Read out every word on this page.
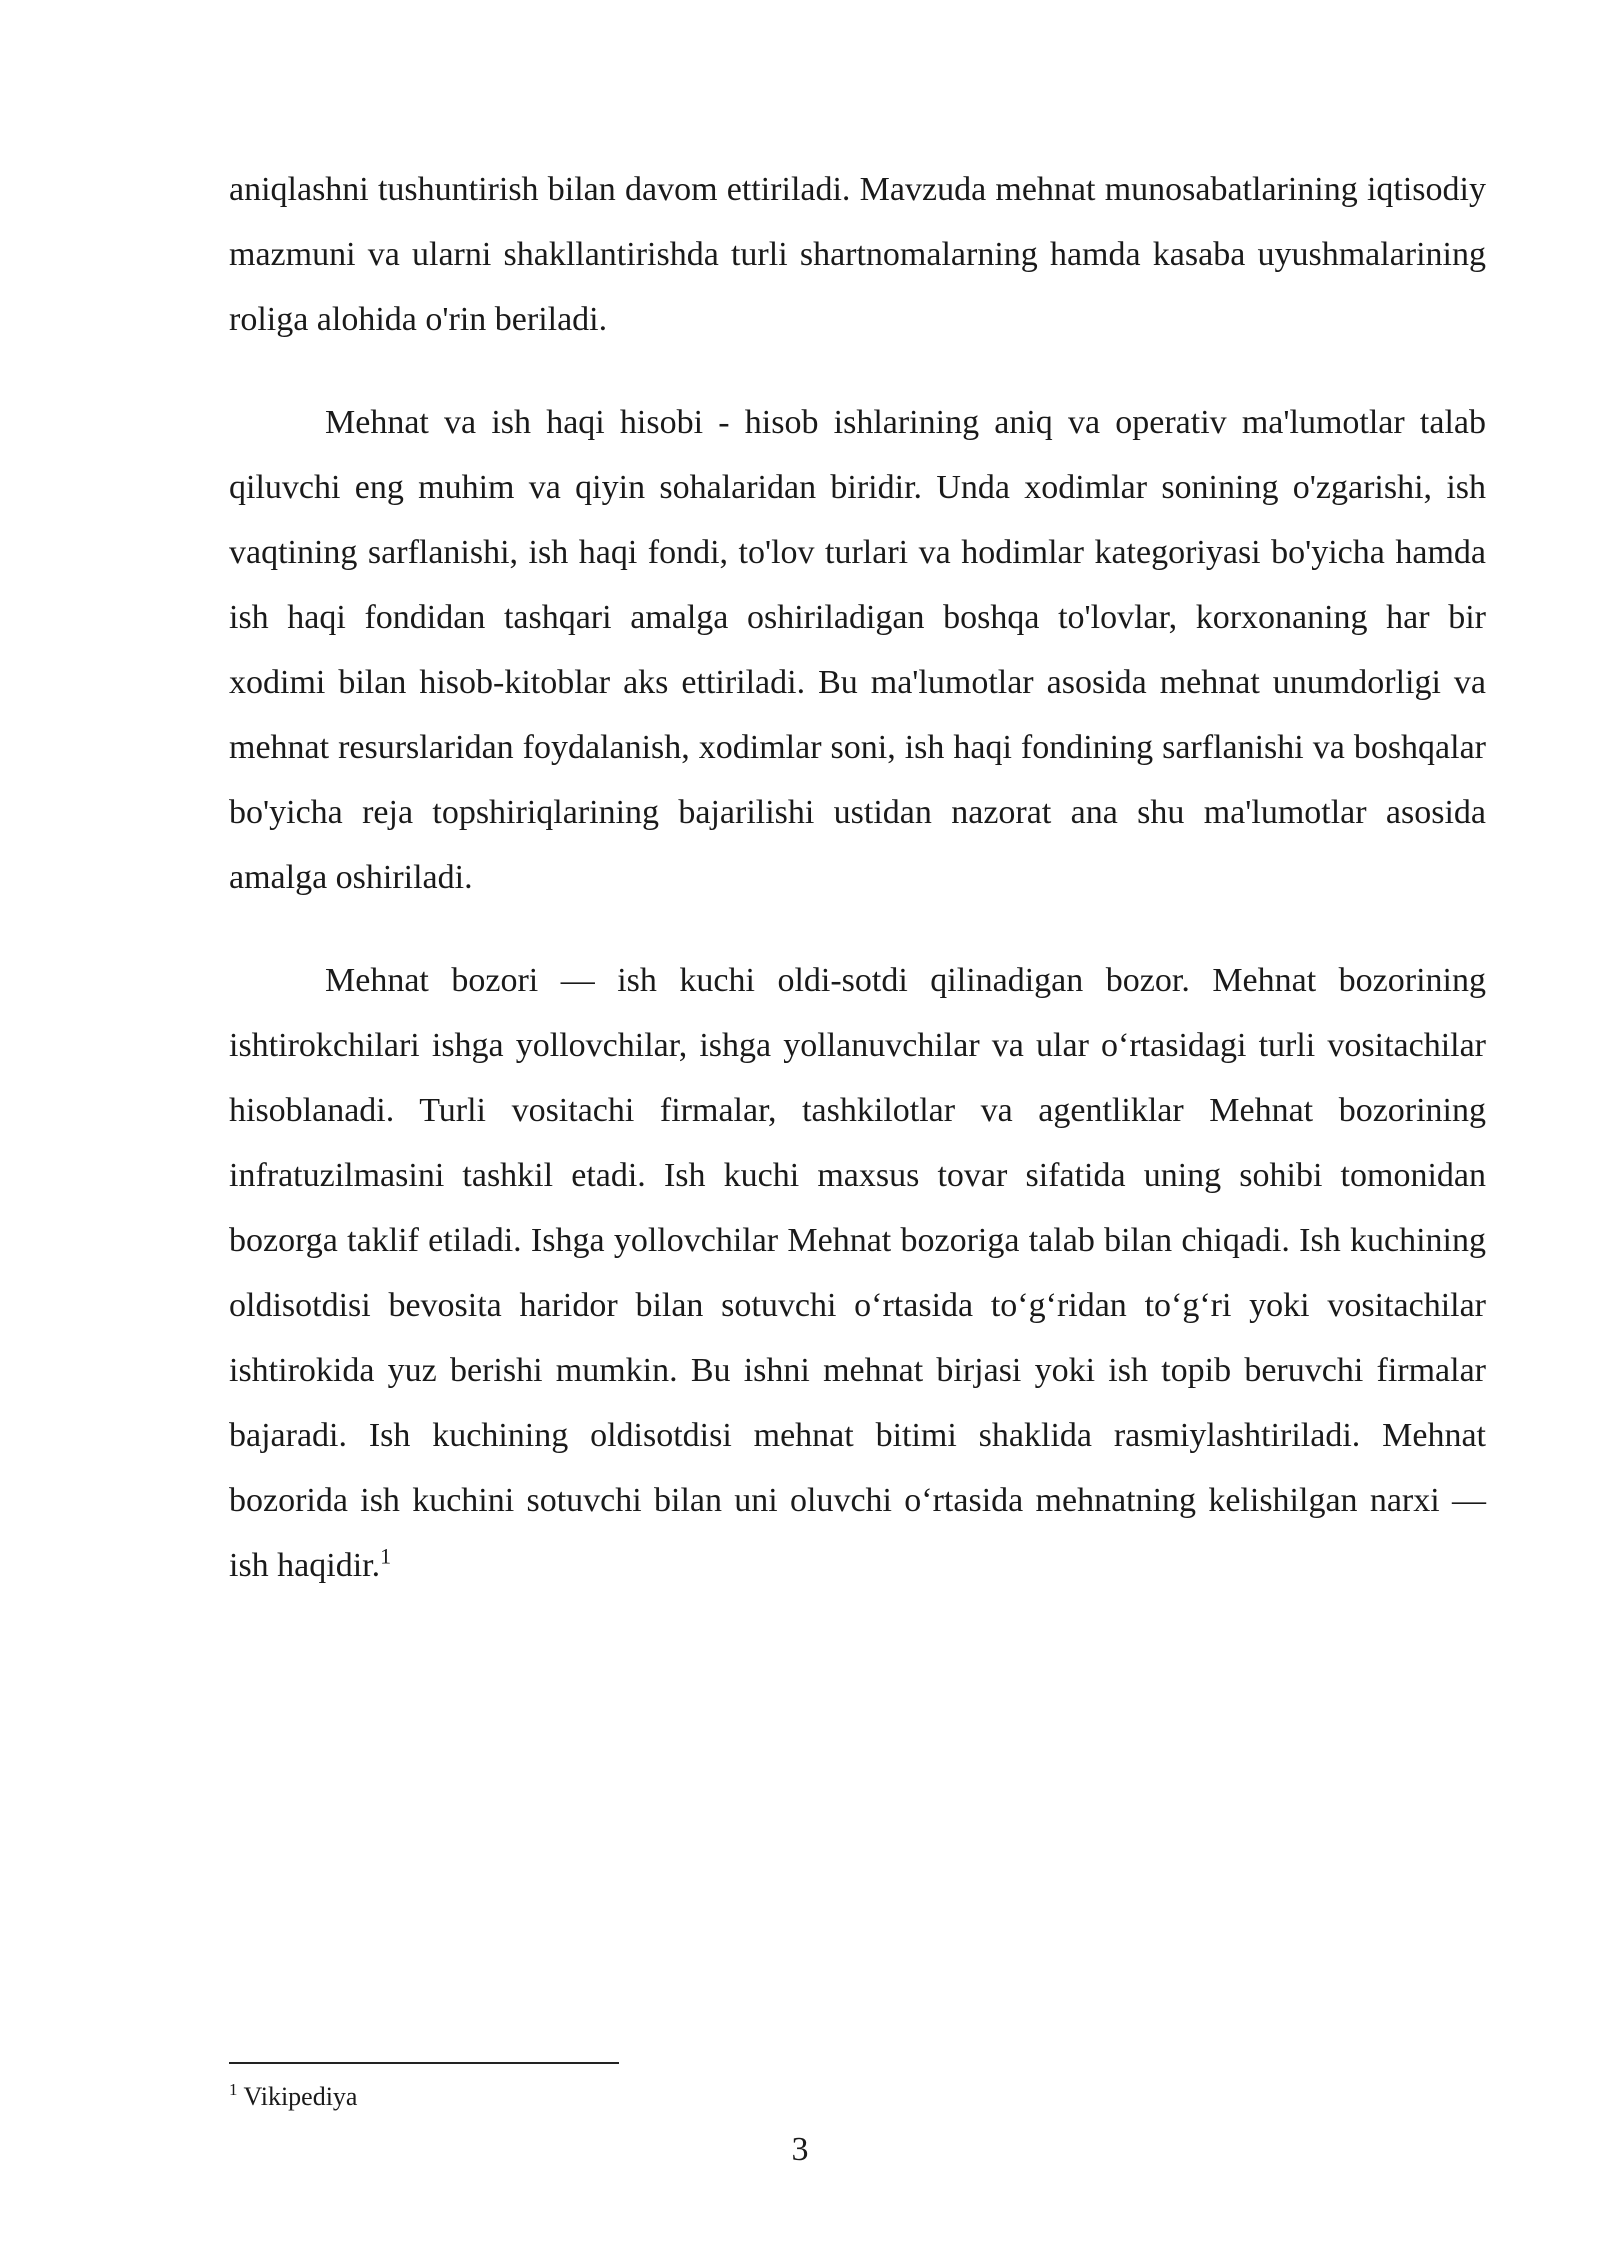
aniqlashni tushuntirish bilan davom ettiriladi. Mavzuda mehnat munosabatlarining iqtisodiy mazmuni va ularni shakllantirishda turli shartnomalarning hamda kasaba uyushmalarining roliga alohida o'rin beriladi.

Mehnat va ish haqi hisobi - hisob ishlarining aniq va operativ ma'lumotlar talab qiluvchi eng muhim va qiyin sohalaridan biridir. Unda xodimlar sonining o'zgarishi, ish vaqtining sarflanishi, ish haqi fondi, to'lov turlari va hodimlar kategoriyasi bo'yicha hamda ish haqi fondidan tashqari amalga oshiriladigan boshqa to'lovlar, korxonaning har bir xodimi bilan hisob-kitoblar aks ettiriladi. Bu ma'lumotlar asosida mehnat unumdorligi va mehnat resurslaridan foydalanish, xodimlar soni, ish haqi fondining sarflanishi va boshqalar bo'yicha reja topshiriqlarining bajarilishi ustidan nazorat ana shu ma'lumotlar asosida amalga oshiriladi.

Mehnat bozori — ish kuchi oldi-sotdi qilinadigan bozor. Mehnat bozorining ishtirokchilari ishga yollovchilar, ishga yollanuvchilar va ular o‘rtasidagi turli vositachilar hisoblanadi. Turli vositachi firmalar, tashkilotlar va agentliklar Mehnat bozorining infratuzilmasini tashkil etadi. Ish kuchi maxsus tovar sifatida uning sohibi tomonidan bozorga taklif etiladi. Ishga yollovchilar Mehnat bozoriga talab bilan chiqadi. Ish kuchining oldisotdisi bevosita haridor bilan sotuvchi o‘rtasida to‘g‘ridan to‘g‘ri yoki vositachilar ishtirokida yuz berishi mumkin. Bu ishni mehnat birjasi yoki ish topib beruvchi firmalar bajaradi. Ish kuchining oldisotdisi mehnat bitimi shaklida rasmiylashtiriladi. Mehnat bozorida ish kuchini sotuvchi bilan uni oluvchi o‘rtasida mehnatning kelishilgan narxi — ish haqidir.$^1$

$^1$ Vikipediya
3
